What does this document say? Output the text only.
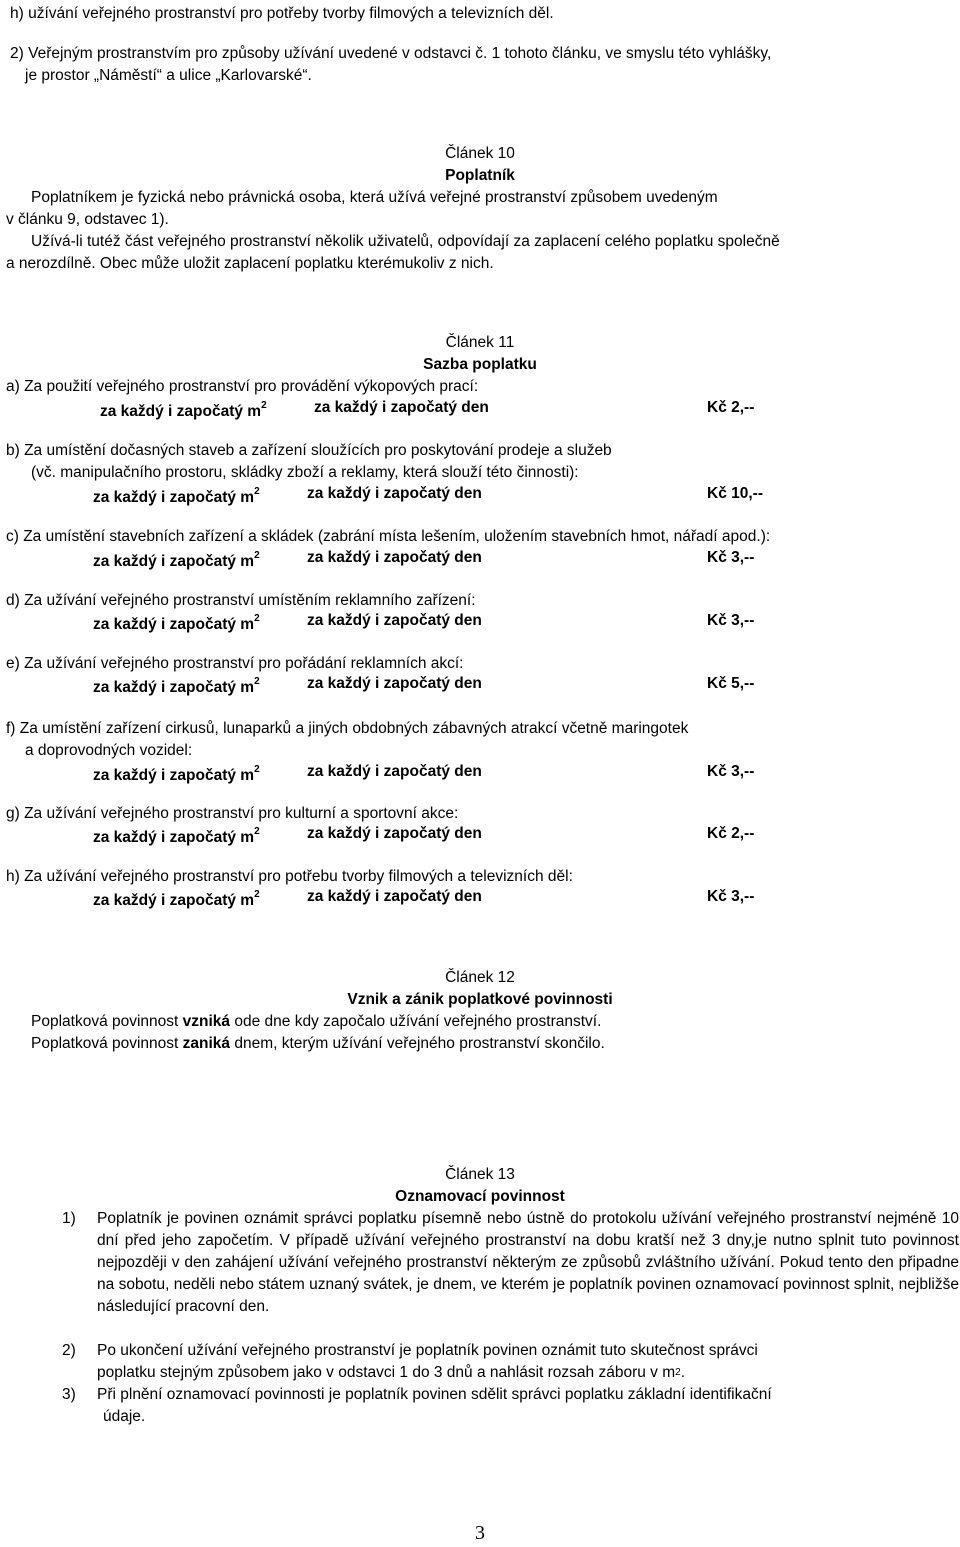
h) užívání veřejného prostranství pro potřeby tvorby filmových a televizních děl.
2) Veřejným prostranstvím pro způsoby užívání uvedené v odstavci č. 1 tohoto článku, ve smyslu této vyhlášky,
je prostor „Náměstí“ a ulice „Karlovarské“.
Článek 10
Poplatník
Poplatníkem je fyzická nebo právnická osoba, která užívá veřejné prostranství způsobem uvedeným
v článku 9, odstavec 1).
Užívá-li tutéž část veřejného prostranství několik uživatelů, odpovídají za zaplacení celého poplatku společně
a nerozdílně. Obec může uložit zaplacení poplatku kterémukoliv z nich.
Článek 11
Sazba poplatku
a) Za použití veřejného prostranství pro provádění výkopových prací:
za každý i započatý $m^2$	za každý i započatý den	Kč 2,--
b) Za umístění dočasných staveb a zařízení sloužících pro poskytování prodeje a služeb
(vč. manipulačního prostoru, skládky zboží a reklamy, která slouží této činnosti):
za každý i započatý $m^2$	za každý i započatý den	Kč 10,--
c) Za umístění stavebních zařízení a skládek (zabrání místa lešením, uložením stavebních hmot, nářadí apod.):
za každý i započatý $m^2$	za každý i započatý den	Kč 3,--
d) Za užívání veřejného prostranství umístěním reklamního zařízení:
za každý i započatý $m^2$	za každý i započatý den	Kč 3,--
e) Za užívání veřejného prostranství pro pořádání reklamních akcí:
za každý i započatý $m^2$	za každý i započatý den	Kč 5,--
f) Za umístění zařízení cirkusů, lunaparků a jiných obdobných zábavných atrakcí včetně maringotek
a doprovodných vozidel:
za každý i započatý $m^2$	za každý i započatý den	Kč 3,--
g) Za užívání veřejného prostranství pro kulturní a sportovní akce:
za každý i započatý $m^2$	za každý i započatý den	Kč 2,--
h) Za užívání veřejného prostranství pro potřebu tvorby filmových a televizních děl:
za každý i započatý $m^2$	za každý i započatý den	Kč 3,--
Článek 12
Vznik a zánik poplatkové povinnosti
Poplatková povinnost vzniká ode dne kdy započalo užívání veřejného prostranství.
Poplatková povinnost zaniká dnem, kterým užívání veřejného prostranství skončilo.
Článek 13
Oznamovací povinnost
1) Poplatník je povinen oznámit správci poplatku písemně nebo ústně do protokolu užívání veřejného prostranství nejméně 10 dní před jeho započetím. V případě užívání veřejného prostranství na dobu kratší než 3 dny,je nutno splnit tuto povinnost nejpozději v den zahájení užívání veřejného prostranství některým ze způsobů zvláštního užívání. Pokud tento den připadne na sobotu, neděli nebo státem uznaný svátek, je dnem, ve kterém je poplatník povinen oznamovací povinnost splnit, nejbližše následující pracovní den.
2) Po ukončení užívání veřejného prostranství je poplatník povinen oznámit tuto skutečnost správci
poplatku stejným způsobem jako v odstavci 1 do 3 dnů a nahlásit rozsah záboru v $m^2$.
3) Při plnění oznamovací povinnosti je poplatník povinen sdělit správci poplatku základní identifikační
údaje.
3
